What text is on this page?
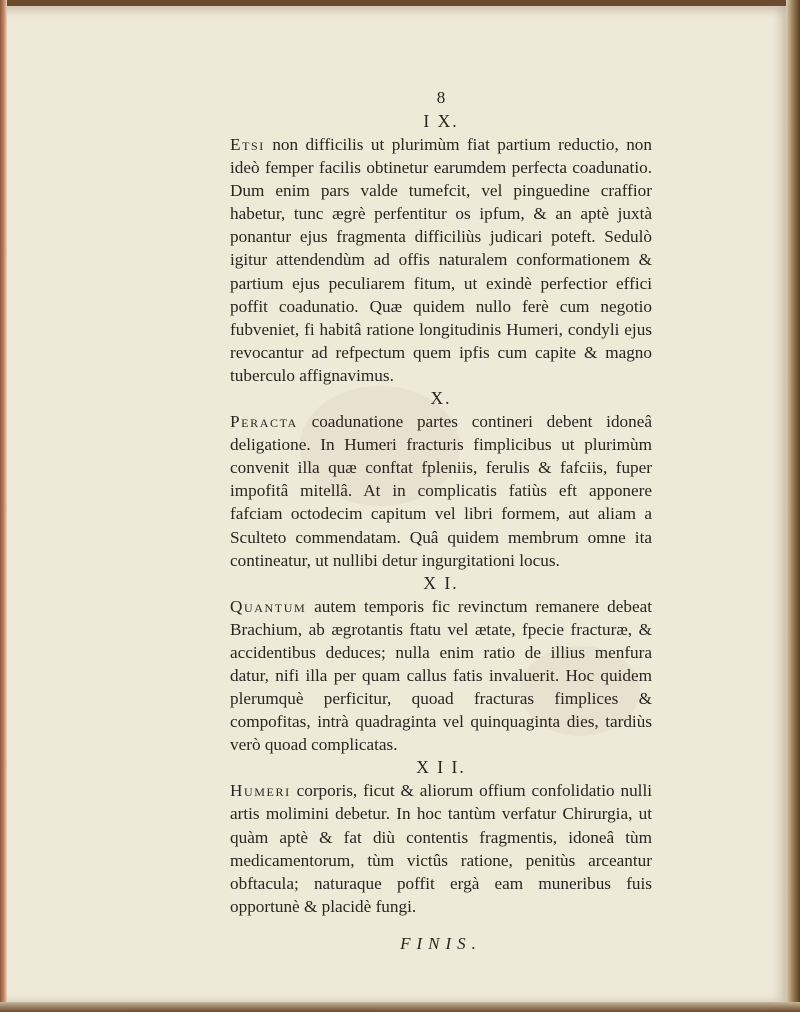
8
I X.

Etsi non difficilis ut plurimùm fiat partium reductio, non ideò femper facilis obtinetur earumdem perfecta coadunatio. Dum enim pars valde tumefcit, vel pinguedine craffior habetur, tunc ægrè perfentitur os ipfum, & an aptè juxtà ponantur ejus fragmenta difficiliùs judicari poteft. Sedulò igitur attendendùm ad offis naturalem conformationem & partium ejus peculiarem fitum, ut exindè perfectior effici poffit coadunatio. Quæ quidem nullo ferè cum negotio fubveniet, fi habitâ ratione longitudinis Humeri, condyli ejus revocantur ad refpectum quem ipfis cum capite & magno tuberculo affignavimus.

X.

Peracta coadunatione partes contineri debent idoneâ deligatione. In Humeri fracturis fimplicibus ut plurimùm convenit illa quæ conftat fpleniis, ferulis & fafciis, fuper impofitâ mitellâ. At in complicatis fatiùs eft apponere fafciam octodecim capitum vel libri formem, aut aliam a Sculteto commendatam. Quâ quidem membrum omne ita contineatur, ut nullibi detur ingurgitationi locus.

X I.

Quantum autem temporis fic revinctum remanere debeat Brachium, ab ægrotantis ftatu vel ætate, fpecie fracturæ, & accidentibus deduces; nulla enim ratio de illius menfura datur, nifi illa per quam callus fatis invaluerit. Hoc quidem plerumquè perficitur, quoad fracturas fimplices & compofitas, intrà quadraginta vel quinquaginta dies, tardiùs verò quoad complicatas.

X I I.

Humeri corporis, ficut & aliorum offium confolidatio nulli artis molimini debetur. In hoc tantùm verfatur Chirurgia, ut quàm aptè & fat diù contentis fragmentis, idoneâ tùm medicamentorum, tùm victûs ratione, penitùs arceantur obftacula; naturaque poffit ergà eam muneribus fuis opportunè & placidè fungi.

FINIS.
